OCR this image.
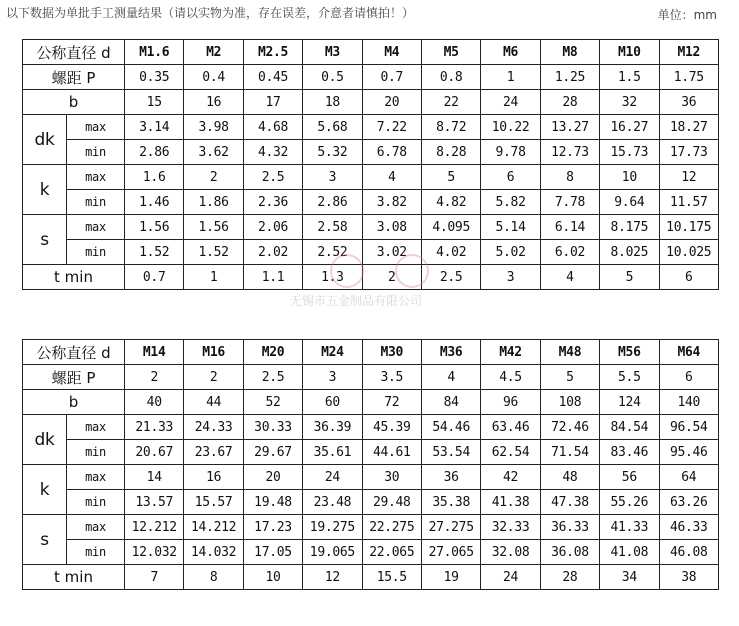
以下数据为单批手工测量结果（请以实物为准，存在误差，介意者请慎拍！）	单位：mm
公称直径 d		M1.6	M2	M2.5	M3	M4	M5	M6	M8	M10	M12
螺距 P		0.35	0.4	0.45	0.5	0.7	0.8	1	1.25	1.5	1.75
b		15	16	17	18	20	22	24	28	32	36
dk	max	3.14	3.98	4.68	5.68	7.22	8.72	10.22	13.27	16.27	18.27
	min	2.86	3.62	4.32	5.32	6.78	8.28	9.78	12.73	15.73	17.73
k	max	1.6	2	2.5	3	4	5	6	8	10	12
	min	1.46	1.86	2.36	2.86	3.82	4.82	5.82	7.78	9.64	11.57
s	max	1.56	1.56	2.06	2.58	3.08	4.095	5.14	6.14	8.175	10.175
	min	1.52	1.52	2.02	2.52	3.02	4.02	5.02	6.02	8.025	10.025
t min		0.7	1	1.1	1.3	2	2.5	3	4	5	6
公称直径 d		M14	M16	M20	M24	M30	M36	M42	M48	M56	M64
螺距 P		2	2	2.5	3	3.5	4	4.5	5	5.5	6
b		40	44	52	60	72	84	96	108	124	140
dk	max	21.33	24.33	30.33	36.39	45.39	54.46	63.46	72.46	84.54	96.54
	min	20.67	23.67	29.67	35.61	44.61	53.54	62.54	71.54	83.46	95.46
k	max	14	16	20	24	30	36	42	48	56	64
	min	13.57	15.57	19.48	23.48	29.48	35.38	41.38	47.38	55.26	63.26
s	max	12.212	14.212	17.23	19.275	22.275	27.275	32.33	36.33	41.33	46.33
	min	12.032	14.032	17.05	19.065	22.065	27.065	32.08	36.08	41.08	46.08
t min		7	8	10	12	15.5	19	24	28	34	38
无锡市五金制品有限公司
